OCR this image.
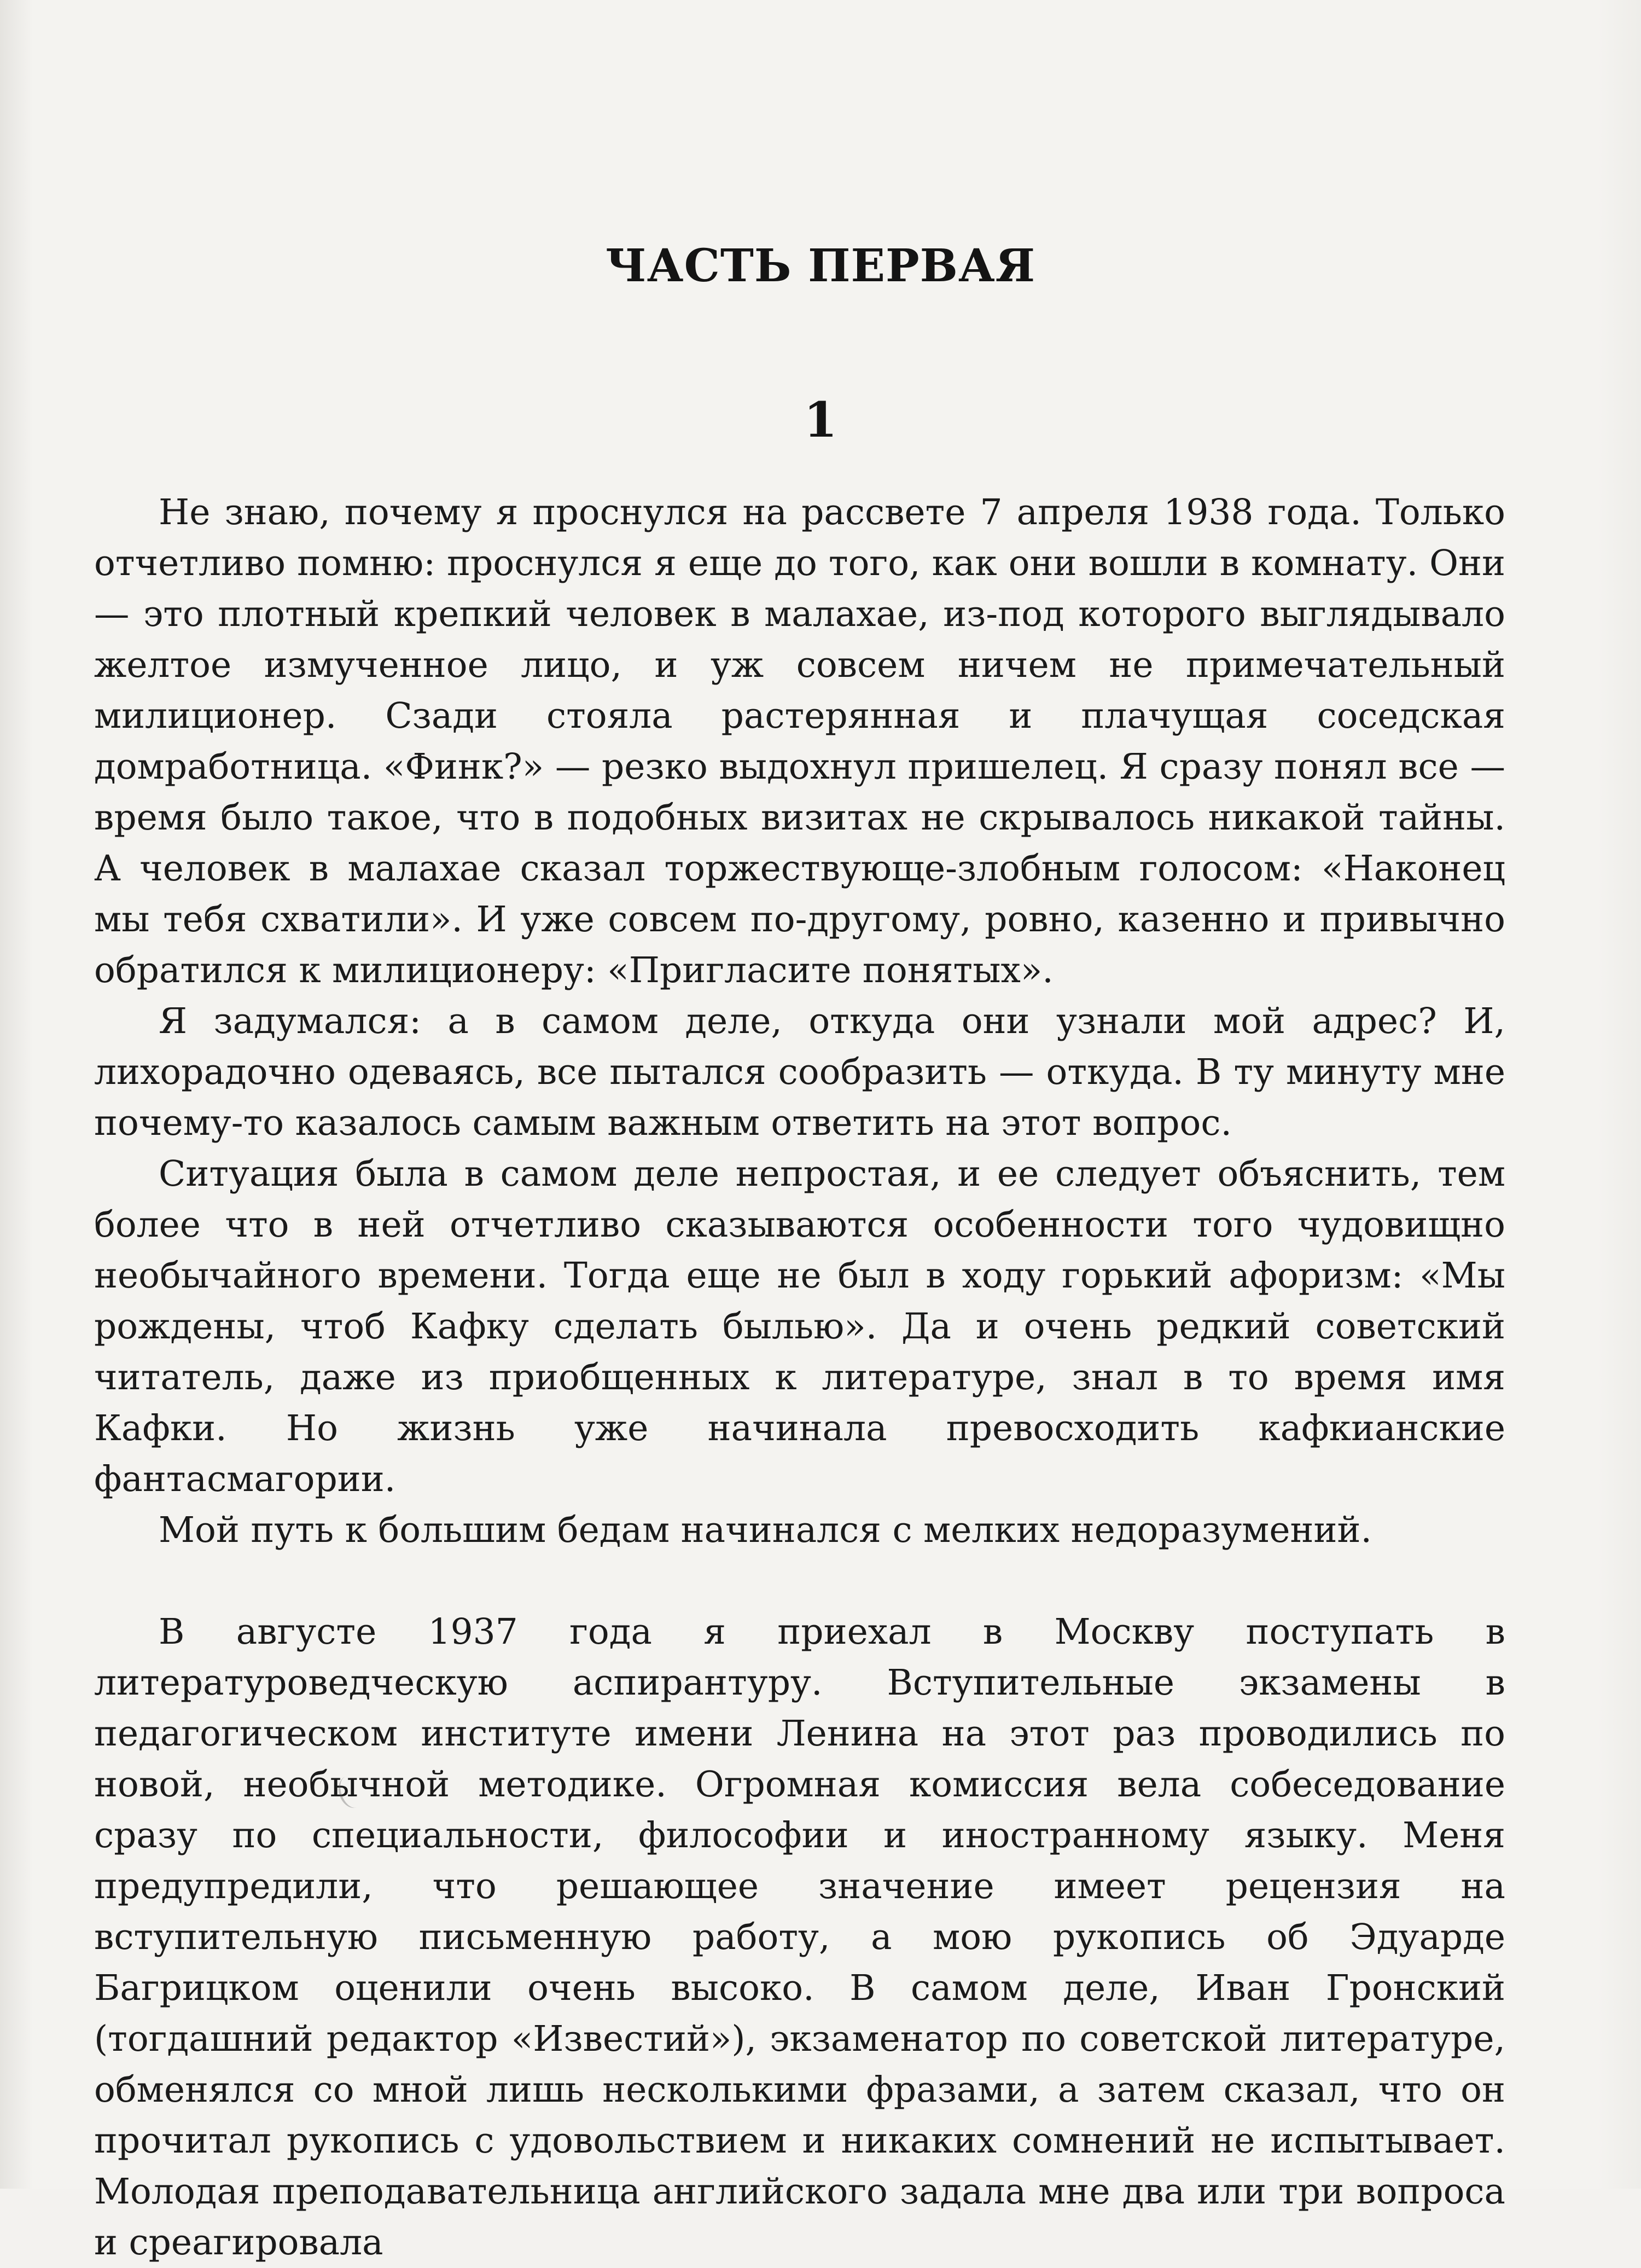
ЧАСТЬ ПЕРВАЯ
1

Не знаю, почему я проснулся на рассвете 7 апреля 1938 года. Только отчетливо помню: проснулся я еще до того, как они вошли в комнату. Они — это плотный крепкий человек в малахае, из-под которого выглядывало желтое измученное лицо, и уж совсем ничем не примечательный милиционер. Сзади стояла растерянная и плачущая соседская домработница. «Финк?» — резко выдохнул пришелец. Я сразу понял все — время было такое, что в подобных визитах не скрывалось никакой тайны. А человек в малахае сказал торжествующе-злобным голосом: «Наконец мы тебя схватили». И уже совсем по-другому, ровно, казенно и привычно обратился к милиционеру: «Пригласите понятых».

Я задумался: а в самом деле, откуда они узнали мой адрес? И, лихорадочно одеваясь, все пытался сообразить — откуда. В ту минуту мне почему-то казалось самым важным ответить на этот вопрос.

Ситуация была в самом деле непростая, и ее следует объяснить, тем более что в ней отчетливо сказываются особенности того чудовищно необычайного времени. Тогда еще не был в ходу горький афоризм: «Мы рождены, чтоб Кафку сделать былью». Да и очень редкий советский читатель, даже из приобщенных к литературе, знал в то время имя Кафки. Но жизнь уже начинала превосходить кафкианские фантасмагории.

Мой путь к большим бедам начинался с мелких недоразумений.

В августе 1937 года я приехал в Москву поступать в литературоведческую аспирантуру. Вступительные экзамены в педагогическом институте имени Ленина на этот раз проводились по новой, необычной методике. Огромная комиссия вела собеседование сразу по специальности, философии и иностранному языку. Меня предупредили, что решающее значение имеет рецензия на вступительную письменную работу, а мою рукопись об Эдуарде Багрицком оценили очень высоко. В самом деле, Иван Гронский (тогдашний редактор «Известий»), экзаменатор по советской литературе, обменялся со мной лишь несколькими фразами, а затем сказал, что он прочитал рукопись с удовольствием и никаких сомнений не испытывает. Молодая преподавательница английского задала мне два или три вопроса и среагировала
